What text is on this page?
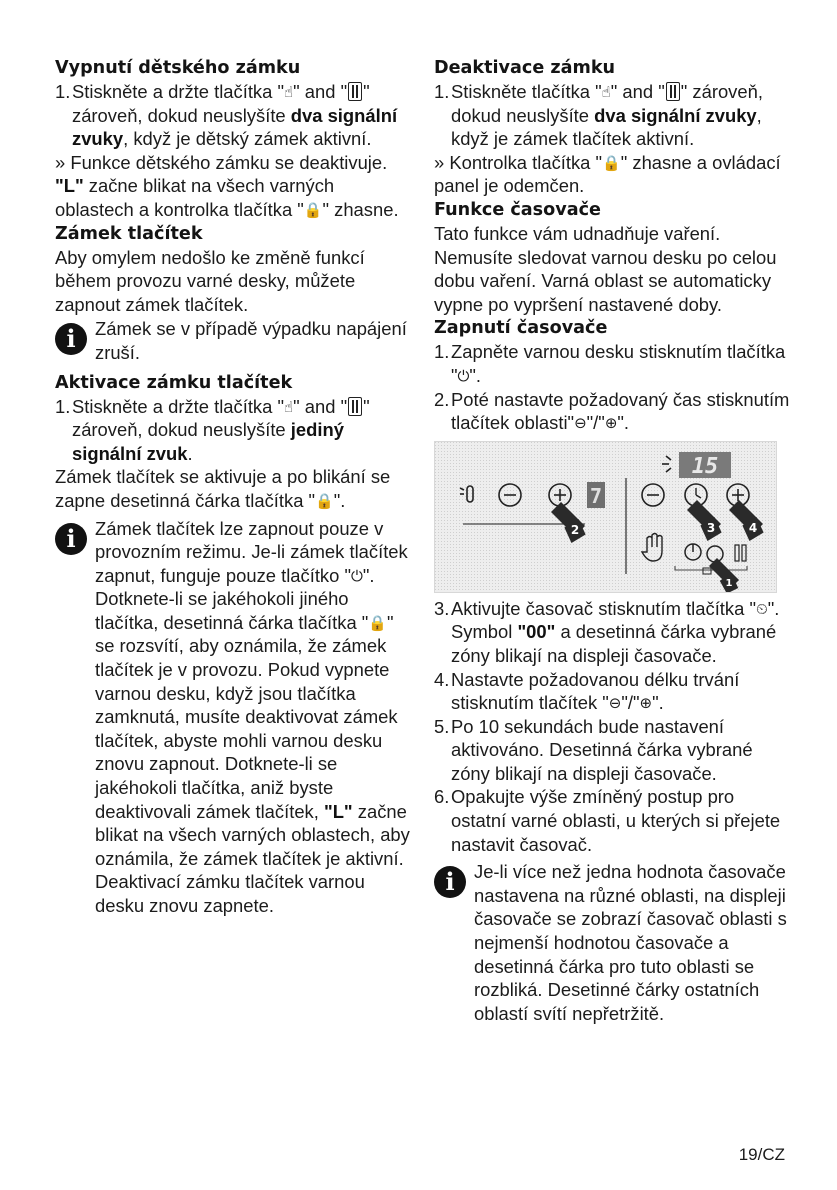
Vypnutí dětského zámku
1. Stiskněte a držte tlačítka "☝" and " " zároveň, dokud neuslyšíte dva signální zvuky, když je dětský zámek aktivní.

» Funkce dětského zámku se deaktivuje.

"L" začne blikat na všech varných oblastech a kontrolka tlačítka "🔒" zhasne.

Zámek tlačítek

Aby omylem nedošlo ke změně funkcí během provozu varné desky, můžete zapnout zámek tlačítek.

i	Zámek se v případě výpadku napájení zruší.
Aktivace zámku tlačítek
1. Stiskněte a držte tlačítka "☝" and " " zároveň, dokud neuslyšíte jediný signální zvuk.

Zámek tlačítek se aktivuje a po blikání se zapne desetinná čárka tlačítka "🔒".

i	Zámek tlačítek lze zapnout pouze v provozním režimu. Je-li zámek tlačítek zapnut, funguje pouze tlačítko "⏻". Dotknete-li se jakéhokoli jiného tlačítka, desetinná čárka tlačítka "🔒" se rozsvítí, aby oznámila, že zámek tlačítek je v provozu. Pokud vypnete varnou desku, když jsou tlačítka zamknutá, musíte deaktivovat zámek tlačítek, abyste mohli varnou desku znovu zapnout. Dotknete-li se jakéhokoli tlačítka, aniž byste deaktivovali zámek tlačítek, "L" začne blikat na všech varných oblastech, aby oznámila, že zámek tlačítek je aktivní. Deaktivací zámku tlačítek varnou desku znovu zapnete.
Deaktivace zámku
1. Stiskněte tlačítka "☝" and " " zároveň, dokud neuslyšíte dva signální zvuky, když je zámek tlačítek aktivní.

» Kontrolka tlačítka "🔒" zhasne a ovládací panel je odemčen.

Funkce časovače

Tato funkce vám udnadňuje vaření. Nemusíte sledovat varnou desku po celou dobu vaření. Varná oblast se automaticky vypne po vypršení nastavené doby.

Zapnutí časovače
1. Zapněte varnou desku stisknutím tlačítka "⏻".
2. Poté nastavte požadovaný čas stisknutím tlačítek oblasti"⊖"/"⊕".
15
7
2	3	4
1
3. Aktivujte časovač stisknutím tlačítka "⏲". Symbol "00" a desetinná čárka vybrané zóny blikají na displeji časovače.
4. Nastavte požadovanou délku trvání stisknutím tlačítek "⊖"/"⊕".
5. Po 10 sekundách bude nastavení aktivováno. Desetinná čárka vybrané zóny blikají na displeji časovače.
6. Opakujte výše zmíněný postup pro ostatní varné oblasti, u kterých si přejete nastavit časovač.
i	Je-li více než jedna hodnota časovače nastavena na různé oblasti, na displeji časovače se zobrazí časovač oblasti s nejmenší hodnotou časovače a desetinná čárka pro tuto oblasti se rozbliká. Desetinné čárky ostatních oblastí svítí nepřetržitě.
19/CZ
